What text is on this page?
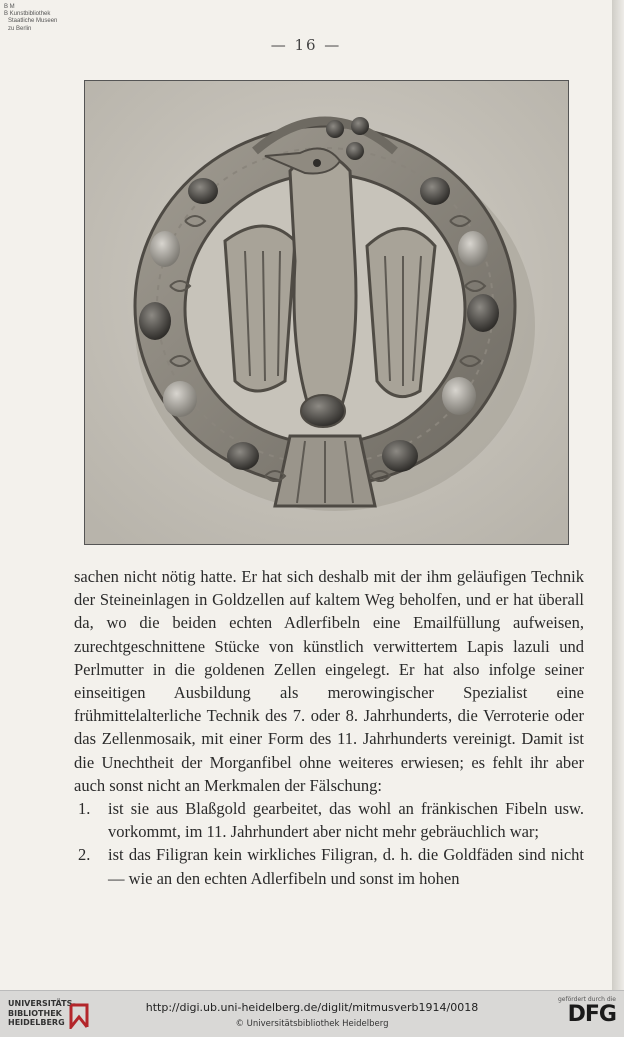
B M
B Kunstbibliothek
Staatliche Museen
zu Berlin
— 16 —

sachen nicht nötig hatte. Er hat sich deshalb mit der ihm geläufigen Technik der Steineinlagen in Goldzellen auf kaltem Weg beholfen, und er hat überall da, wo die beiden echten Adlerfibeln eine Emailfüllung aufweisen, zurechtgeschnittene Stücke von künstlich verwittertem Lapis lazuli und Perlmutter in die goldenen Zellen eingelegt. Er hat also infolge seiner einseitigen Ausbildung als merowingischer Spezialist eine frühmittelalterliche Technik des 7. oder 8. Jahrhunderts, die Verroterie oder das Zellenmosaik, mit einer Form des 11. Jahrhunderts vereinigt. Damit ist die Unechtheit der Morganfibel ohne weiteres erwiesen; es fehlt ihr aber auch sonst nicht an Merkmalen der Fälschung:

1. ist sie aus Blaßgold gearbeitet, das wohl an fränkischen Fibeln usw. vorkommt, im 11. Jahrhundert aber nicht mehr gebräuchlich war;
2. ist das Filigran kein wirkliches Filigran, d. h. die Goldfäden sind nicht — wie an den echten Adlerfibeln und sonst im hohen
UNIVERSITÄTS-
BIBLIOTHEK
HEIDELBERG
http://digi.ub.uni-heidelberg.de/diglit/mitmusverb1914/0018
© Universitätsbibliothek Heidelberg
gefördert durch die
DFG
